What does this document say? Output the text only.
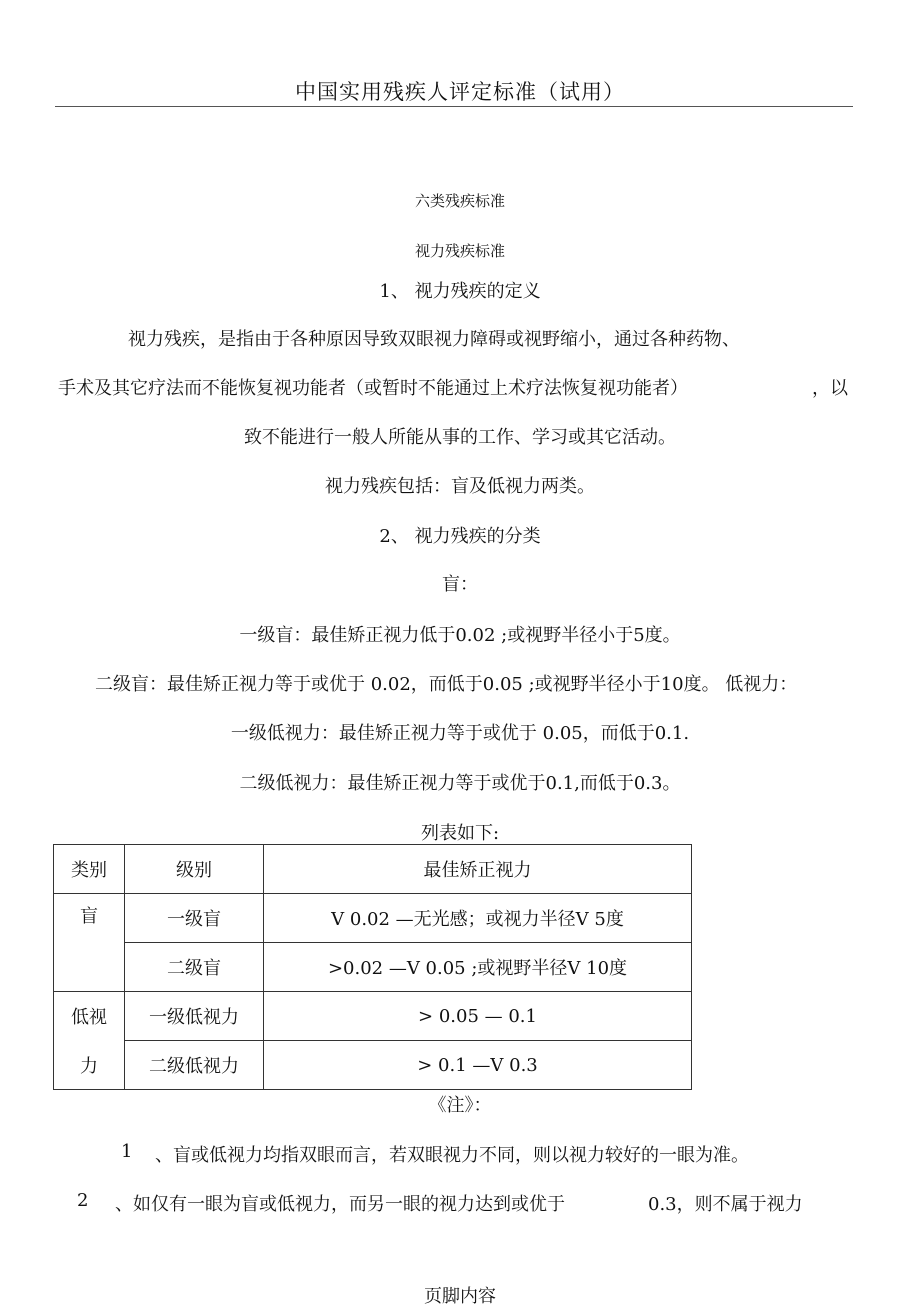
中国实用残疾人评定标准（试用）
六类残疾标准
视力残疾标准
1、 视力残疾的定义
视力残疾，是指由于各种原因导致双眼视力障碍或视野缩小，通过各种药物、
手术及其它疗法而不能恢复视功能者（或暂时不能通过上术疗法恢复视功能者）	，以
致不能进行一般人所能从事的工作、学习或其它活动。
视力残疾包括：盲及低视力两类。
2、 视力残疾的分类
盲：
一级盲：最佳矫正视力低于0.02 ;或视野半径小于5度。
二级盲：最佳矫正视力等于或优于 0.02，而低于0.05 ;或视野半径小于10度。 低视力：
一级低视力：最佳矫正视力等于或优于 0.05，而低于0.1.
二级低视力：最佳矫正视力等于或优于0.1,而低于0.3。
列表如下:
类别	级别	最佳矫正视力
盲	一级盲	V 0.02 —无光感；或视力半径V 5度
	二级盲	>0.02 —V 0.05 ;或视野半径V 10度
低视	一级低视力	> 0.05 — 0.1
力	二级低视力	> 0.1 —V 0.3
《注》：
1 、盲或低视力均指双眼而言，若双眼视力不同，则以视力较好的一眼为准。
2 、如仅有一眼为盲或低视力，而另一眼的视力达到或优于	0.3，则不属于视力
页脚内容
